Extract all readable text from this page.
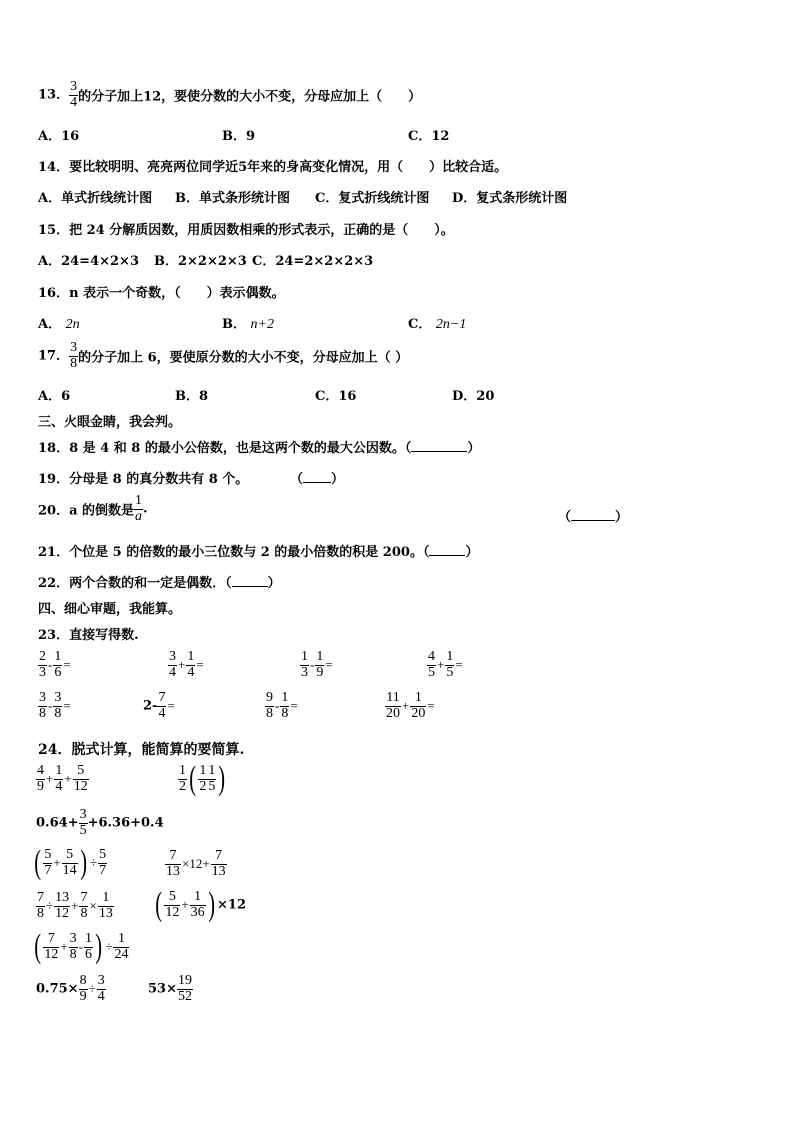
13． $\frac{3}{4}$ 的分子加上12，要使分数的大小不变，分母应加上（　　）
A．16	B．9	C．12
14．要比较明明、亮亮两位同学近5年来的身高变化情况，用（　　）比较合适。
A．单式折线统计图 B．单式条形统计图 C．复式折线统计图 D．复式条形统计图
15．把 24 分解质因数，用质因数相乘的形式表示，正确的是（　　）。
A．24=4×2×3 B．2×2×2×3 C．24=2×2×2×3
16．n 表示一个奇数，（　　）表示偶数。
A． 2n	B． n+2	C． 2n−1
17． $\frac{3}{8}$ 的分子加上 6，要使原分数的大小不变，分母应加上（ ）
A．6	B．8	C．16	D．20
三、火眼金睛，我会判。
18．8 是 4 和 8 的最小公倍数，也是这两个数的最大公因数。（	）
19．分母是 8 的真分数共有 8 个。	（ ）
20．a 的倒数是 $\frac{1}{a}$ .
（	）
21．个位是 5 的倍数的最小三位数与 2 的最小倍数的积是 200。（	）
22．两个合数的和一定是偶数．（	）
四、细心审题，我能算。
23．直接写得数.
$\frac{2}{3} - \frac{1}{6}$ =	$\frac{3}{4} + \frac{1}{4}$ =	$\frac{1}{3} - \frac{1}{9}$ =	$\frac{4}{5} + \frac{1}{5}$ =
$\frac{3}{8} - \frac{3}{8}$ =	$2- \frac{7}{4}$ =	$\frac{9}{8} - \frac{1}{8}$ =	$\frac{11}{20} + \frac{1}{20}$ =
24．脱式计算，能简算的要简算.
$\frac{4}{9} + \frac{1}{4} + \frac{5}{12}$	$\frac{1}{2}$ ( $\frac{1}{2} \frac{1}{5}$ )
$0.64+ \frac{3}{5} +6.36+0.4$
( $\frac{5}{7} + \frac{5}{14}$ ) ÷ $\frac{5}{7}$	$\frac{7}{13} \times 12+ \frac{7}{13}$
$\frac{7}{8} \div \frac{13}{12} + \frac{7}{8} \times \frac{1}{13}$ ( $\frac{5}{12} + \frac{1}{36}$ ) ×12
( $\frac{7}{12} + \frac{3}{8} - \frac{1}{6}$ ) ÷ $\frac{1}{24}$
$0.75\times \frac{8}{9} \div \frac{3}{4}$	$53\times \frac{19}{52}$
